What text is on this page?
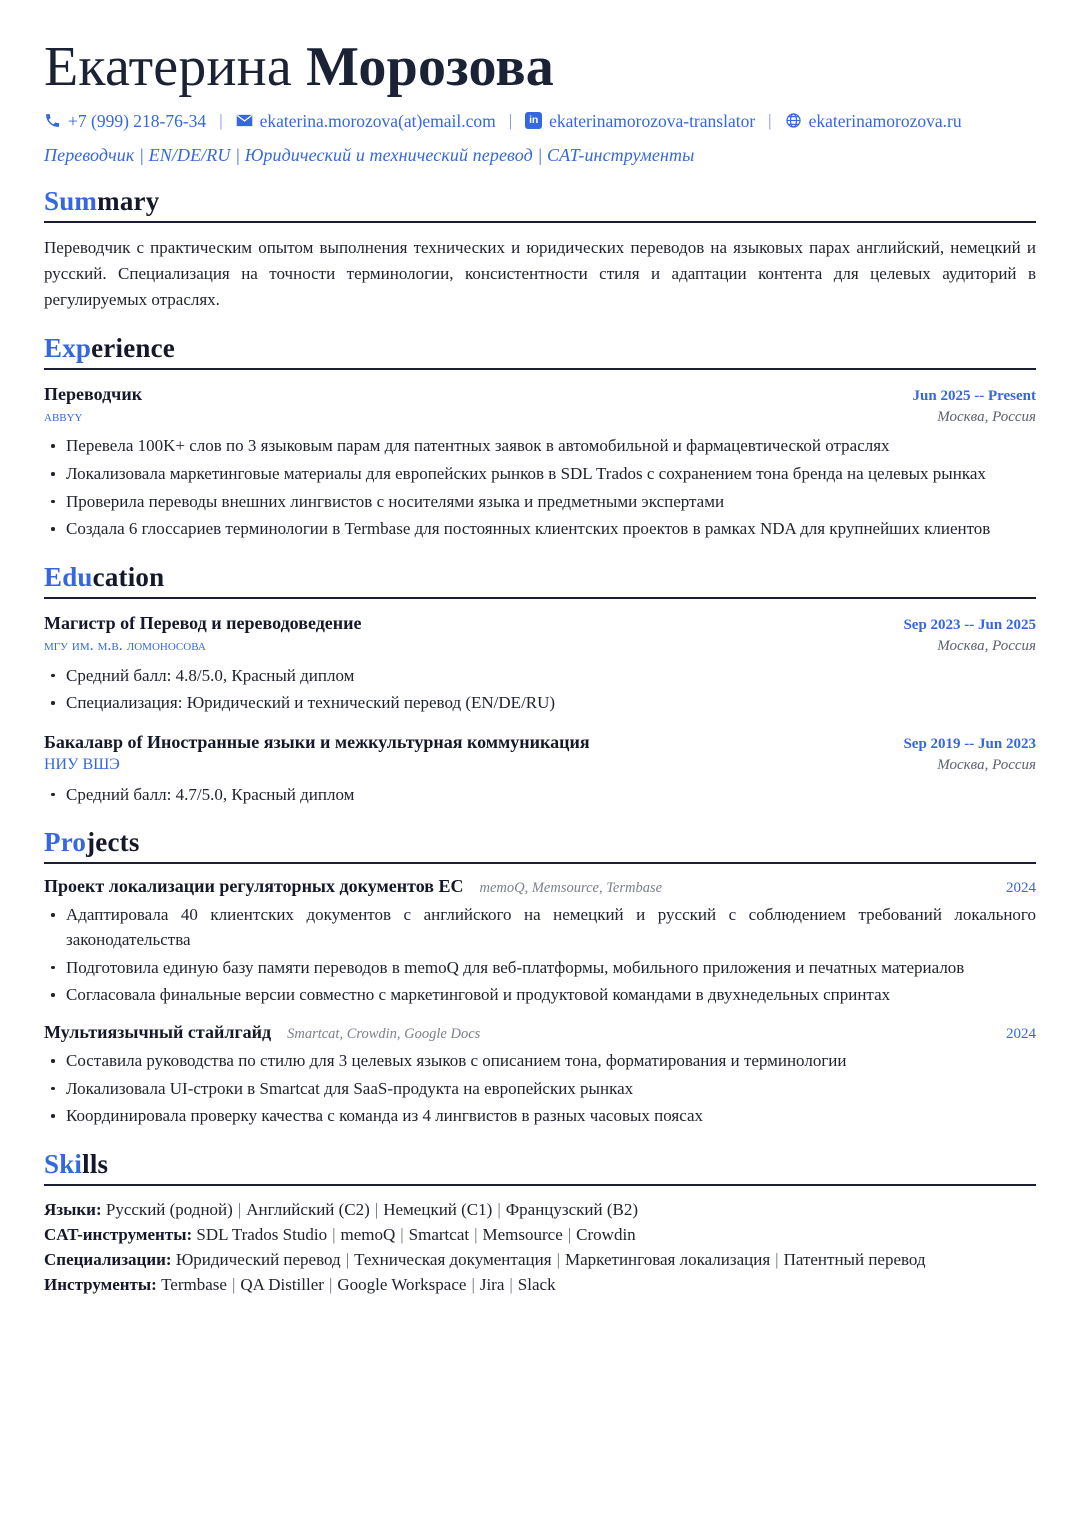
Екатерина Морозова
+7 (999) 218-76-34 |	ekaterina.morozova(at)email.com |	in ekaterinamorozova-translator |	ekaterinamorozova.ru
Переводчик | EN/DE/RU | Юридический и технический перевод | CAT-инструменты
Summary

Переводчик с практическим опытом выполнения технических и юридических переводов на языковых парах английский, немецкий и русский. Специализация на точности терминологии, консистентности стиля и адаптации контента для целевых аудиторий в регулируемых отраслях.

Experience
Переводчик	Jun 2025 -- Present
abbyy	Москва, Россия
Перевела 100K+ слов по 3 языковым парам для патентных заявок в автомобильной и фармацевтической отраслях
Локализовала маркетинговые материалы для европейских рынков в SDL Trados с сохранением тона бренда на целевых рынках
Проверила переводы внешних лингвистов с носителями языка и предметными экспертами
Создала 6 глоссариев терминологии в Termbase для постоянных клиентских проектов в рамках NDA для крупнейших клиентов
Education
Магистр of Перевод и переводоведение	Sep 2023 -- Jun 2025
мгу им. м.в. ломоносова	Москва, Россия
Средний балл: 4.8/5.0, Красный диплом
Специализация: Юридический и технический перевод (EN/DE/RU)
Бакалавр of Иностранные языки и межкультурная коммуникация	Sep 2019 -- Jun 2023
НИУ ВШЭ	Москва, Россия
Средний балл: 4.7/5.0, Красный диплом
Projects
Проект локализации регуляторных документов ЕС memoQ, Memsource, Termbase	2024
Адаптировала 40 клиентских документов с английского на немецкий и русский с соблюдением требований локального законодательства
Подготовила единую базу памяти переводов в memoQ для веб-платформы, мобильного приложения и печатных материалов
Согласовала финальные версии совместно с маркетинговой и продуктовой командами в двухнедельных спринтах
Мультиязычный стайлгайд Smartcat, Crowdin, Google Docs	2024
Составила руководства по стилю для 3 целевых языков с описанием тона, форматирования и терминологии
Локализовала UI-строки в Smartcat для SaaS-продукта на европейских рынках
Координировала проверку качества с команда из 4 лингвистов в разных часовых поясах
Skills
Языки: Русский (родной) | Английский (C2) | Немецкий (C1) | Французский (B2)
CAT-инструменты: SDL Trados Studio | memoQ | Smartcat | Memsource | Crowdin
Специализации: Юридический перевод | Техническая документация | Маркетинговая локализация | Патентный перевод
Инструменты: Termbase | QA Distiller | Google Workspace | Jira | Slack
